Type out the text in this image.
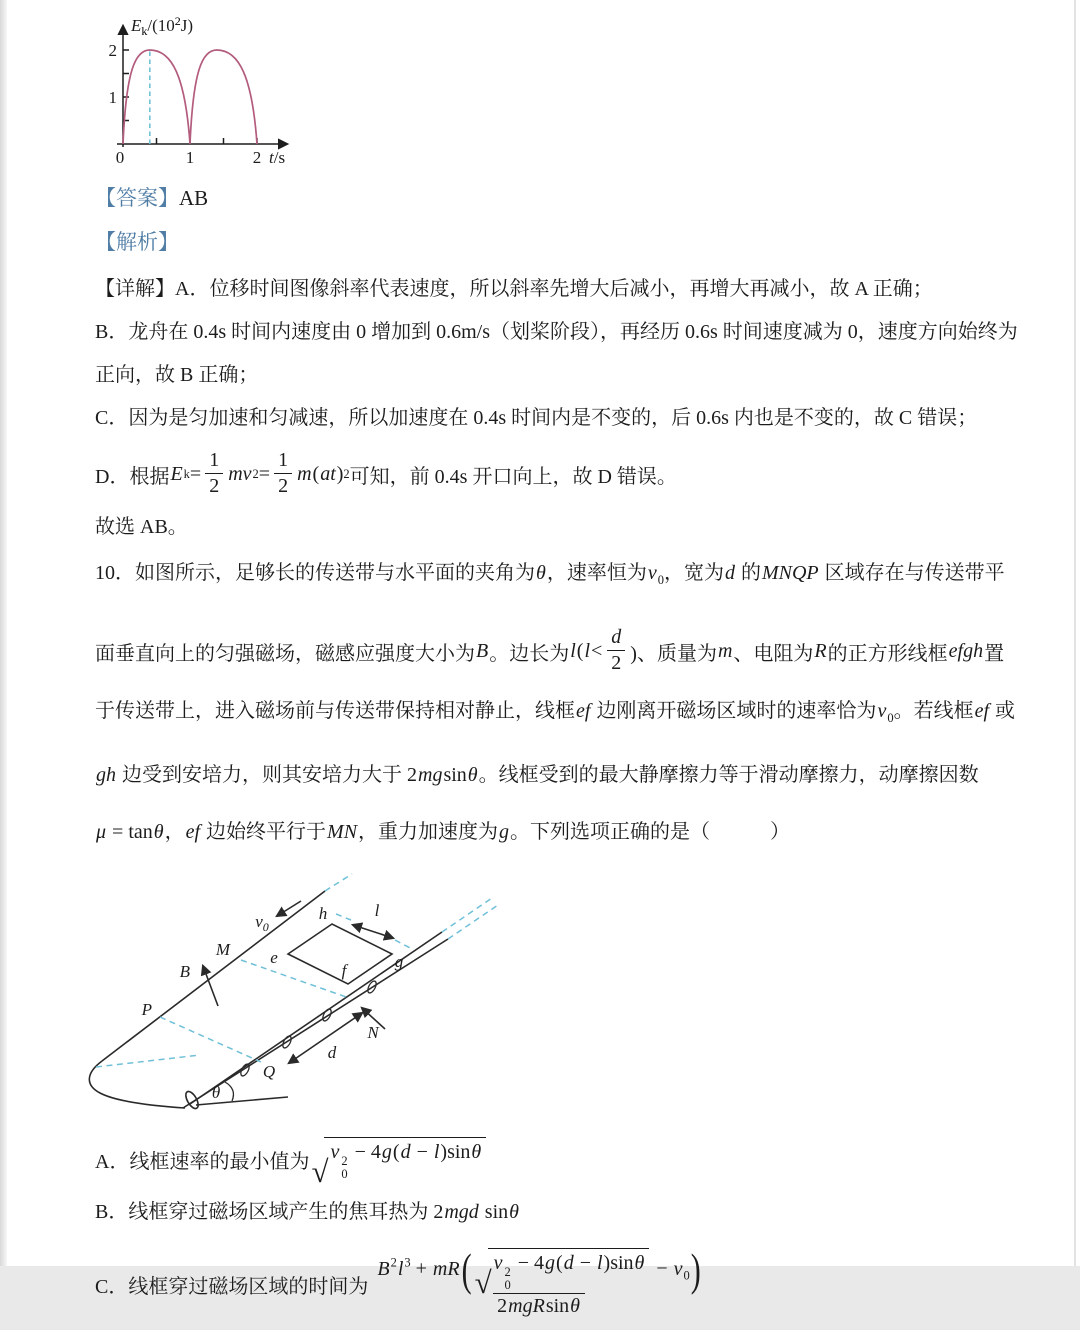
2
1
0	1	2 t/s
$E_k^{/(102}_{J)}$
【答案】AB
【解析】
【详解】A．位移时间图像斜率代表速度，所以斜率先增大后减小，再增大再减小，故 A 正确；
B．龙舟在 0.4s 时间内速度由 0 增加到 0.6m/s（划桨阶段），再经历 0.6s 时间速度减为 0，速度方向始终为
正向，故 B 正确；
C．因为是匀加速和匀减速，所以加速度在 0.4s 时间内是不变的，后 0.6s 内也是不变的，故 C 错误；
D．根据 E $k = \frac{1}{2}$ mv $2 = \frac{1}{2}$ m ( at ) 2 可知，前 0.4s 开口向上，故 D 错误。
故选 AB。
10．如图所示，足够长的传送带与水平面的夹角为θ，速率恒为$v_0$，宽为d 的MNQP 区域存在与传送带平
面垂直向上的匀强磁场，磁感应强度大小为 B 。边长为 l ( $l < \frac{d}{2}$ )、质量为 m 、电阻为 R 的正方形线框 efgh 置
于传送带上，进入磁场前与传送带保持相对静止，线框ef 边刚离开磁场区域时的速率恰为$v_0$。若线框ef 或
gh 边受到安培力，则其安培力大于 2mgsinθ。线框受到的最大静摩擦力等于滑动摩擦力，动摩擦因数
μ = tanθ，ef 边始终平行于MN，重力加速度为g。下列选项正确的是（　　　）
$v_0$
M
B
P
h
e	g
f
l
N
d
Q
θ
A．线框速率的最小值为 √
v 2
0
− 4g(d − l)sinθ
B．线框穿过磁场区域产生的焦耳热为 2mgd sinθ
C．线框穿过磁场区域的时间为 $B^2l^3 + mR$( √
v 2
0
− $4g(d - l)\sin\theta - v_0$)
2mgRsinθ
